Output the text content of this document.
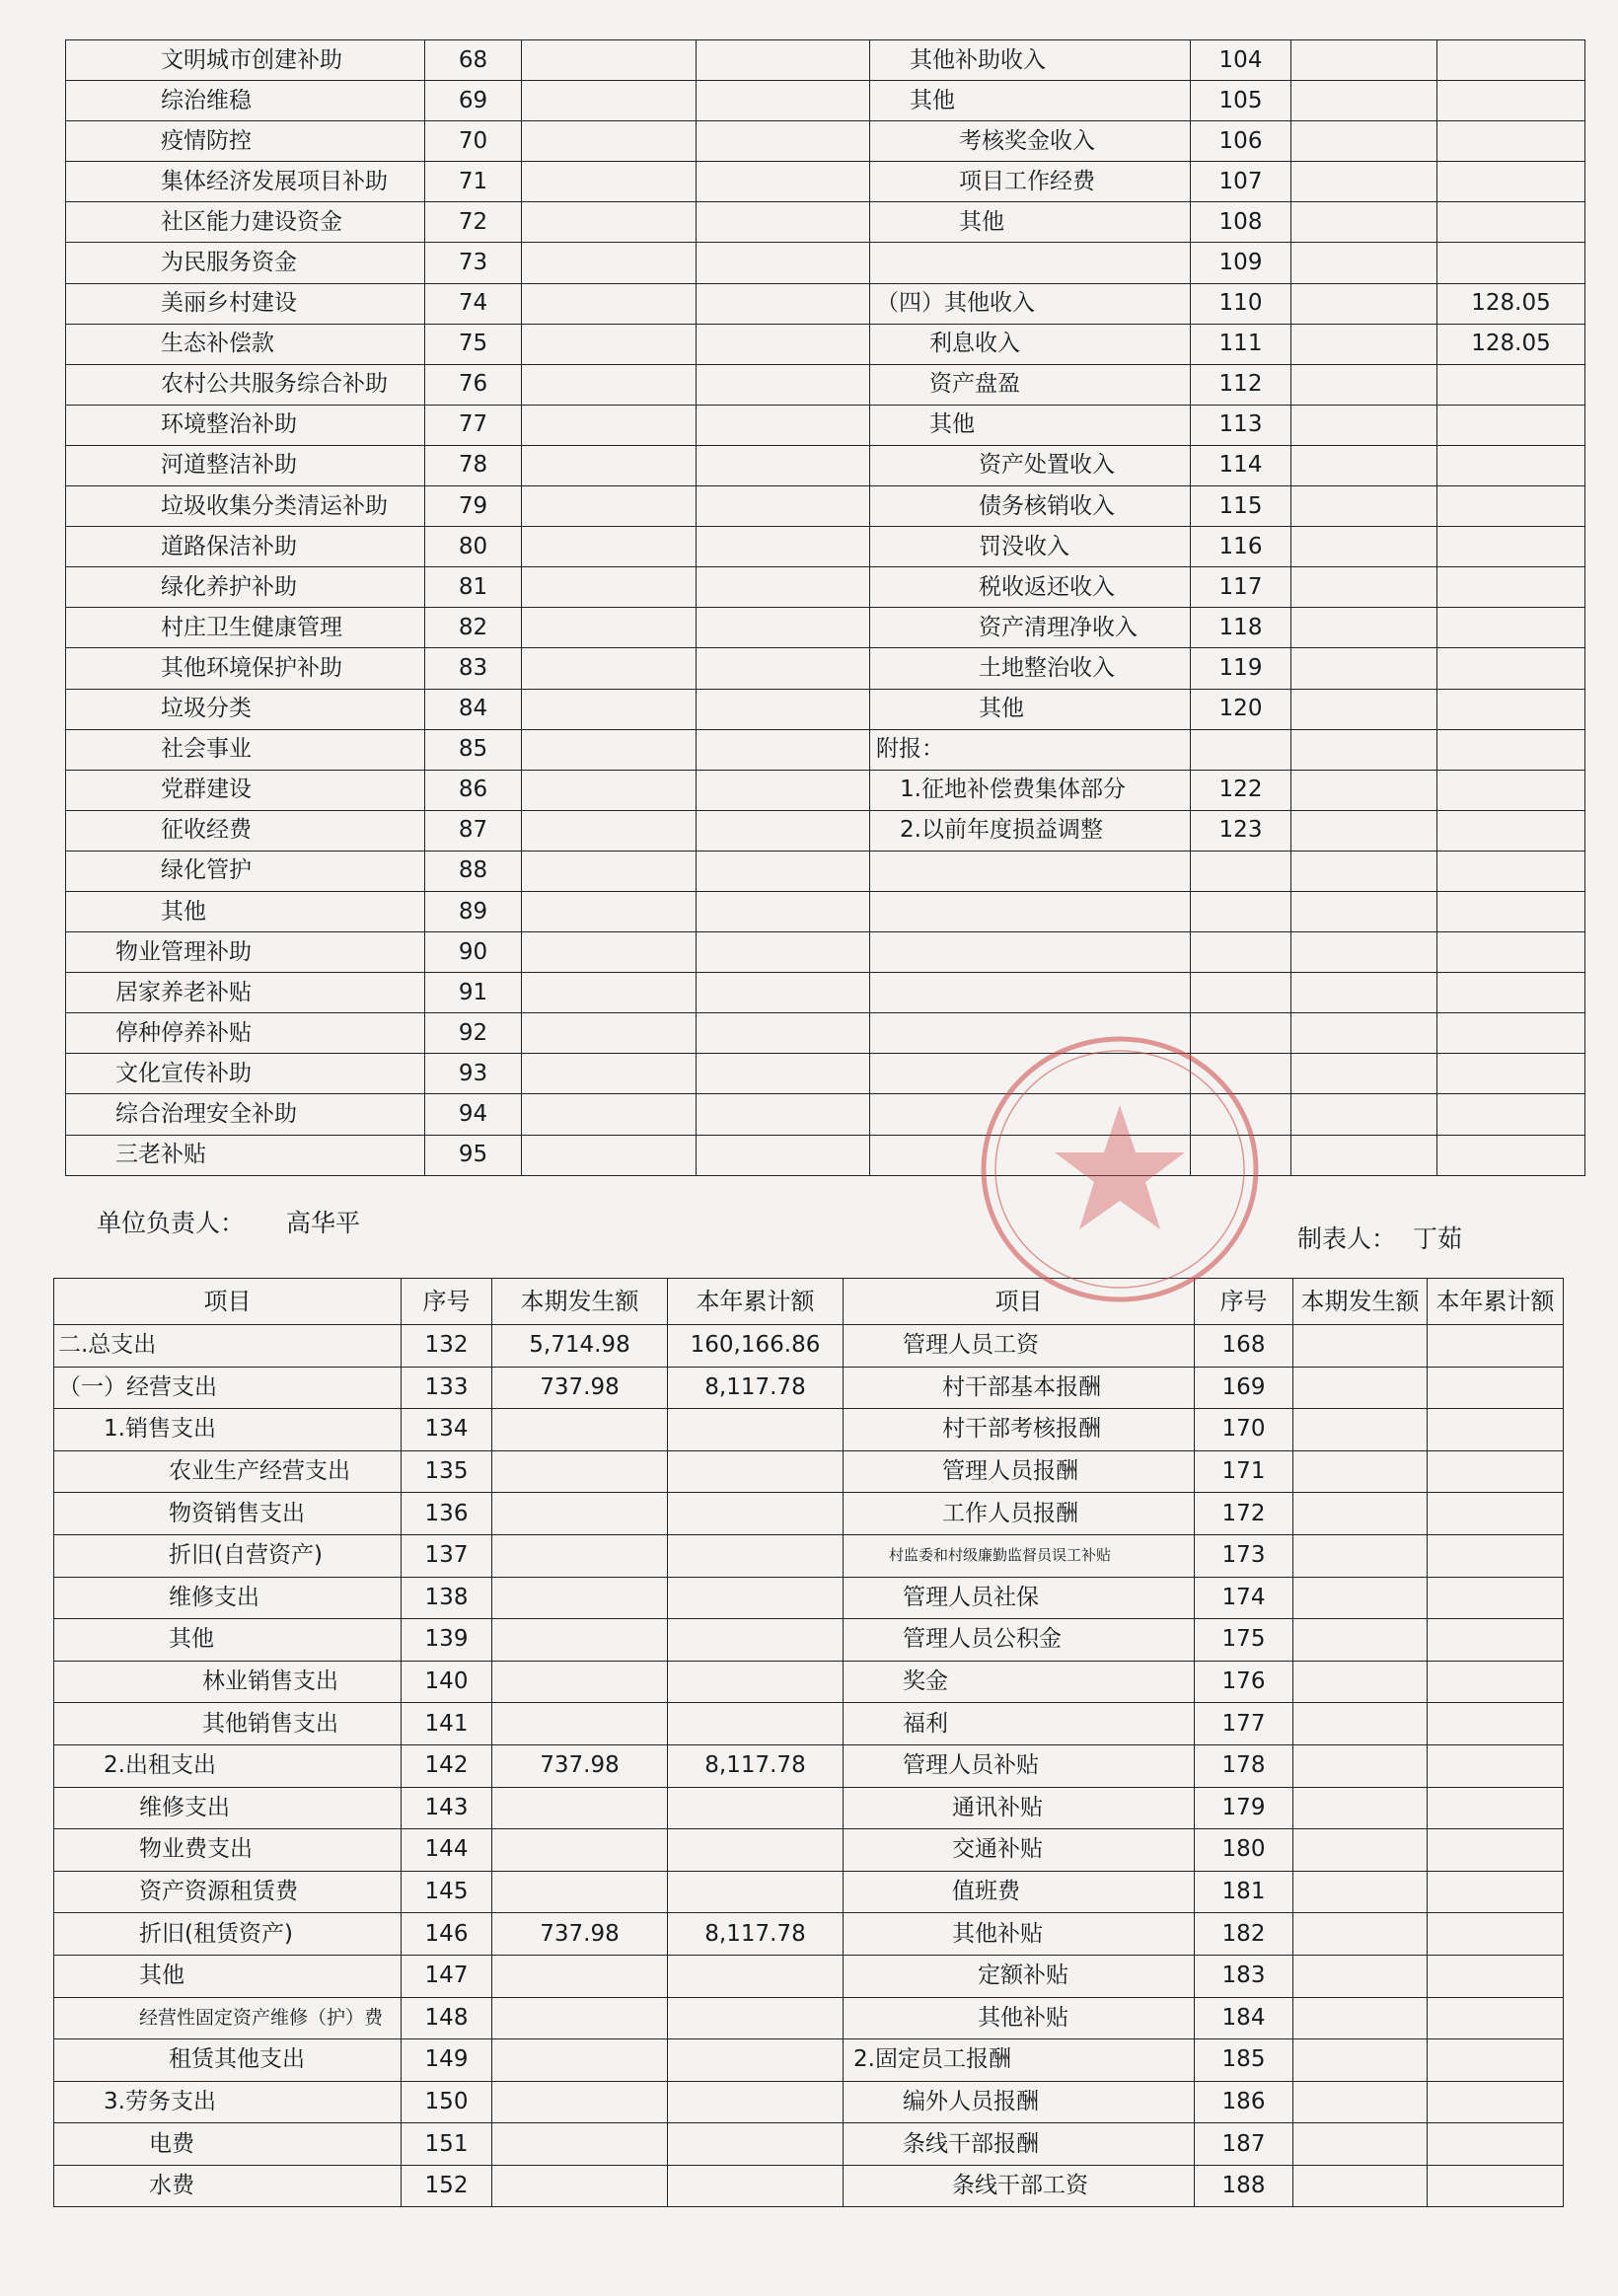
文明城市创建补助	68			其他补助收入	104		
综治维稳	69			其他	105		
疫情防控	70			考核奖金收入	106		
集体经济发展项目补助	71			项目工作经费	107		
社区能力建设资金	72			其他	108		
为民服务资金	73				109		
美丽乡村建设	74			（四）其他收入	110		128.05
生态补偿款	75			利息收入	111		128.05
农村公共服务综合补助	76			资产盘盈	112		
环境整治补助	77			其他	113		
河道整洁补助	78			资产处置收入	114		
垃圾收集分类清运补助	79			债务核销收入	115		
道路保洁补助	80			罚没收入	116		
绿化养护补助	81			税收返还收入	117		
村庄卫生健康管理	82			资产清理净收入	118		
其他环境保护补助	83			土地整治收入	119		
垃圾分类	84			其他	120		
社会事业	85			附报：			
党群建设	86			1.征地补偿费集体部分	122		
征收经费	87			2.以前年度损益调整	123		
绿化管护	88						
其他	89						
物业管理补助	90						
居家养老补贴	91						
停种停养补贴	92						
文化宣传补助	93						
综合治理安全补助	94						
三老补贴	95						
单位负责人： 高华平
制表人： 丁茹
项目	序号	本期发生额	本年累计额	项目	序号	本期发生额	本年累计额
二.总支出	132	5,714.98	160,166.86	管理人员工资	168		
（一）经营支出	133	737.98	8,117.78	村干部基本报酬	169		
1.销售支出	134			村干部考核报酬	170		
农业生产经营支出	135			管理人员报酬	171		
物资销售支出	136			工作人员报酬	172		
折旧(自营资产)	137			村监委和村级廉勤监督员误工补贴	173		
维修支出	138			管理人员社保	174		
其他	139			管理人员公积金	175		
林业销售支出	140			奖金	176		
其他销售支出	141			福利	177		
2.出租支出	142	737.98	8,117.78	管理人员补贴	178		
维修支出	143			通讯补贴	179		
物业费支出	144			交通补贴	180		
资产资源租赁费	145			值班费	181		
折旧(租赁资产)	146	737.98	8,117.78	其他补贴	182		
其他	147			定额补贴	183		
经营性固定资产维修（护）费	148			其他补贴	184		
租赁其他支出	149			2.固定员工报酬	185		
3.劳务支出	150			编外人员报酬	186		
电费	151			条线干部报酬	187		
水费	152			条线干部工资	188		
